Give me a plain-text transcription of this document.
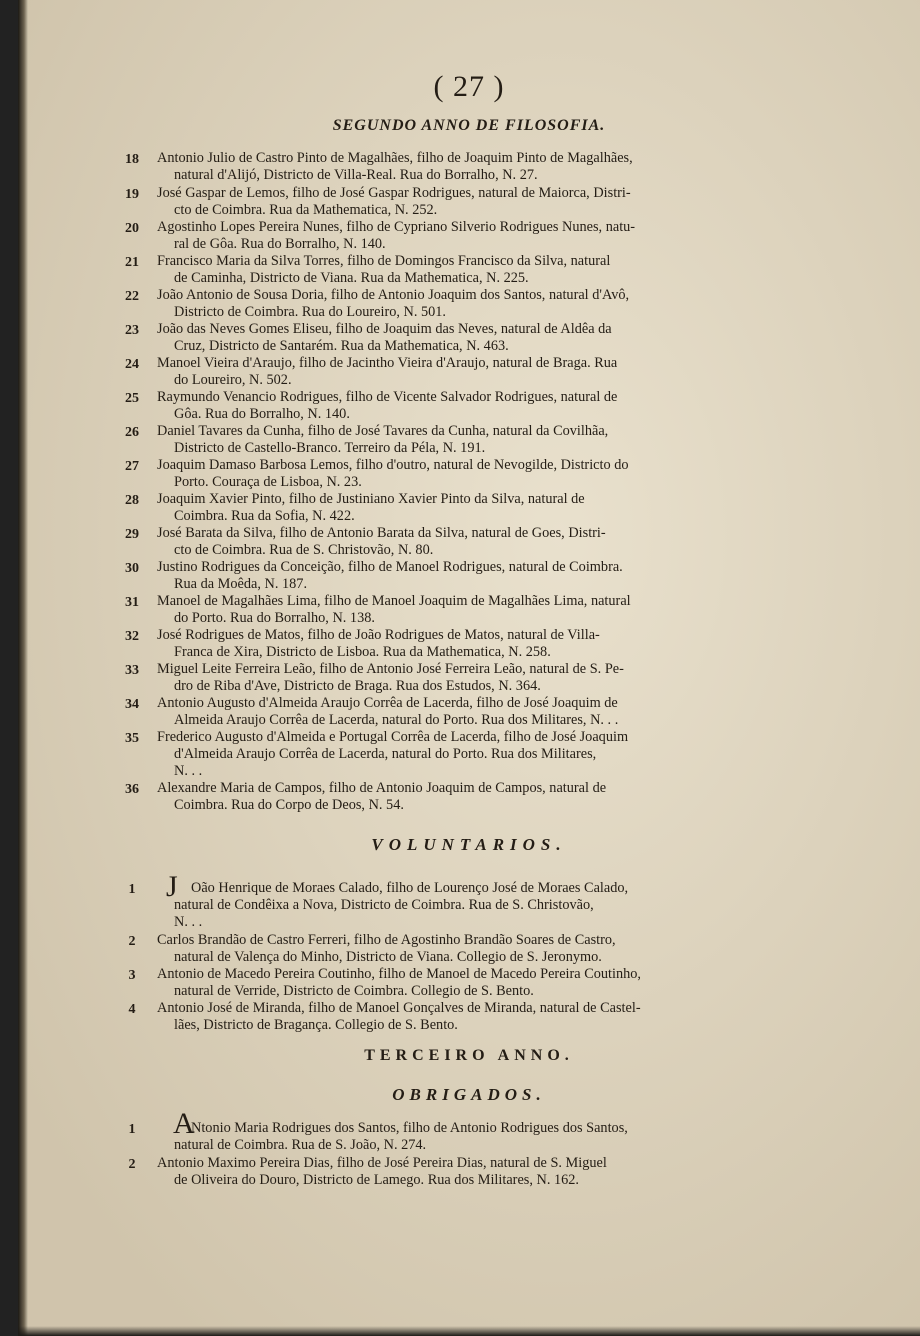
( 27 )
SEGUNDO ANNO DE FILOSOFIA.
18	Antonio Julio de Castro Pinto de Magalhães, filho de Joaquim Pinto de Magalhães,
natural d'Alijó, Districto de Villa-Real. Rua do Borralho, N. 27.
19	José Gaspar de Lemos, filho de José Gaspar Rodrigues, natural de Maiorca, Distri-
cto de Coimbra. Rua da Mathematica, N. 252.
20	Agostinho Lopes Pereira Nunes, filho de Cypriano Silverio Rodrigues Nunes, natu-
ral de Gôa. Rua do Borralho, N. 140.
21	Francisco Maria da Silva Torres, filho de Domingos Francisco da Silva, natural
de Caminha, Districto de Viana. Rua da Mathematica, N. 225.
22	João Antonio de Sousa Doria, filho de Antonio Joaquim dos Santos, natural d'Avô,
Districto de Coimbra. Rua do Loureiro, N. 501.
23	João das Neves Gomes Eliseu, filho de Joaquim das Neves, natural de Aldêa da
Cruz, Districto de Santarém. Rua da Mathematica, N. 463.
24	Manoel Vieira d'Araujo, filho de Jacintho Vieira d'Araujo, natural de Braga. Rua
do Loureiro, N. 502.
25	Raymundo Venancio Rodrigues, filho de Vicente Salvador Rodrigues, natural de
Gôa. Rua do Borralho, N. 140.
26	Daniel Tavares da Cunha, filho de José Tavares da Cunha, natural da Covilhãa,
Districto de Castello-Branco. Terreiro da Péla, N. 191.
27	Joaquim Damaso Barbosa Lemos, filho d'outro, natural de Nevogilde, Districto do
Porto. Couraça de Lisboa, N. 23.
28	Joaquim Xavier Pinto, filho de Justiniano Xavier Pinto da Silva, natural de
Coimbra. Rua da Sofia, N. 422.
29	José Barata da Silva, filho de Antonio Barata da Silva, natural de Goes, Distri-
cto de Coimbra. Rua de S. Christovão, N. 80.
30	Justino Rodrigues da Conceição, filho de Manoel Rodrigues, natural de Coimbra.
Rua da Moêda, N. 187.
31	Manoel de Magalhães Lima, filho de Manoel Joaquim de Magalhães Lima, natural
do Porto. Rua do Borralho, N. 138.
32	José Rodrigues de Matos, filho de João Rodrigues de Matos, natural de Villa-
Franca de Xira, Districto de Lisboa. Rua da Mathematica, N. 258.
33	Miguel Leite Ferreira Leão, filho de Antonio José Ferreira Leão, natural de S. Pe-
dro de Riba d'Ave, Districto de Braga. Rua dos Estudos, N. 364.
34	Antonio Augusto d'Almeida Araujo Corrêa de Lacerda, filho de José Joaquim de
Almeida Araujo Corrêa de Lacerda, natural do Porto. Rua dos Militares, N. . .
35	Frederico Augusto d'Almeida e Portugal Corrêa de Lacerda, filho de José Joaquim
d'Almeida Araujo Corrêa de Lacerda, natural do Porto. Rua dos Militares,
N. . .
36	Alexandre Maria de Campos, filho de Antonio Joaquim de Campos, natural de
Coimbra. Rua do Corpo de Deos, N. 54.
VOLUNTARIOS.
1	J Oão Henrique de Moraes Calado, filho de Lourenço José de Moraes Calado,
natural de Condêixa a Nova, Districto de Coimbra. Rua de S. Christovão,
N. . .
2	Carlos Brandão de Castro Ferreri, filho de Agostinho Brandão Soares de Castro,
natural de Valença do Minho, Districto de Viana. Collegio de S. Jeronymo.
3	Antonio de Macedo Pereira Coutinho, filho de Manoel de Macedo Pereira Coutinho,
natural de Verride, Districto de Coimbra. Collegio de S. Bento.
4	Antonio José de Miranda, filho de Manoel Gonçalves de Miranda, natural de Castel-
lães, Districto de Bragança. Collegio de S. Bento.
TERCEIRO ANNO.
OBRIGADOS.
1	A
Ntonio Maria Rodrigues dos Santos, filho de Antonio Rodrigues dos Santos,
natural de Coimbra. Rua de S. João, N. 274.
2	Antonio Maximo Pereira Dias, filho de José Pereira Dias, natural de S. Miguel
de Oliveira do Douro, Districto de Lamego. Rua dos Militares, N. 162.
